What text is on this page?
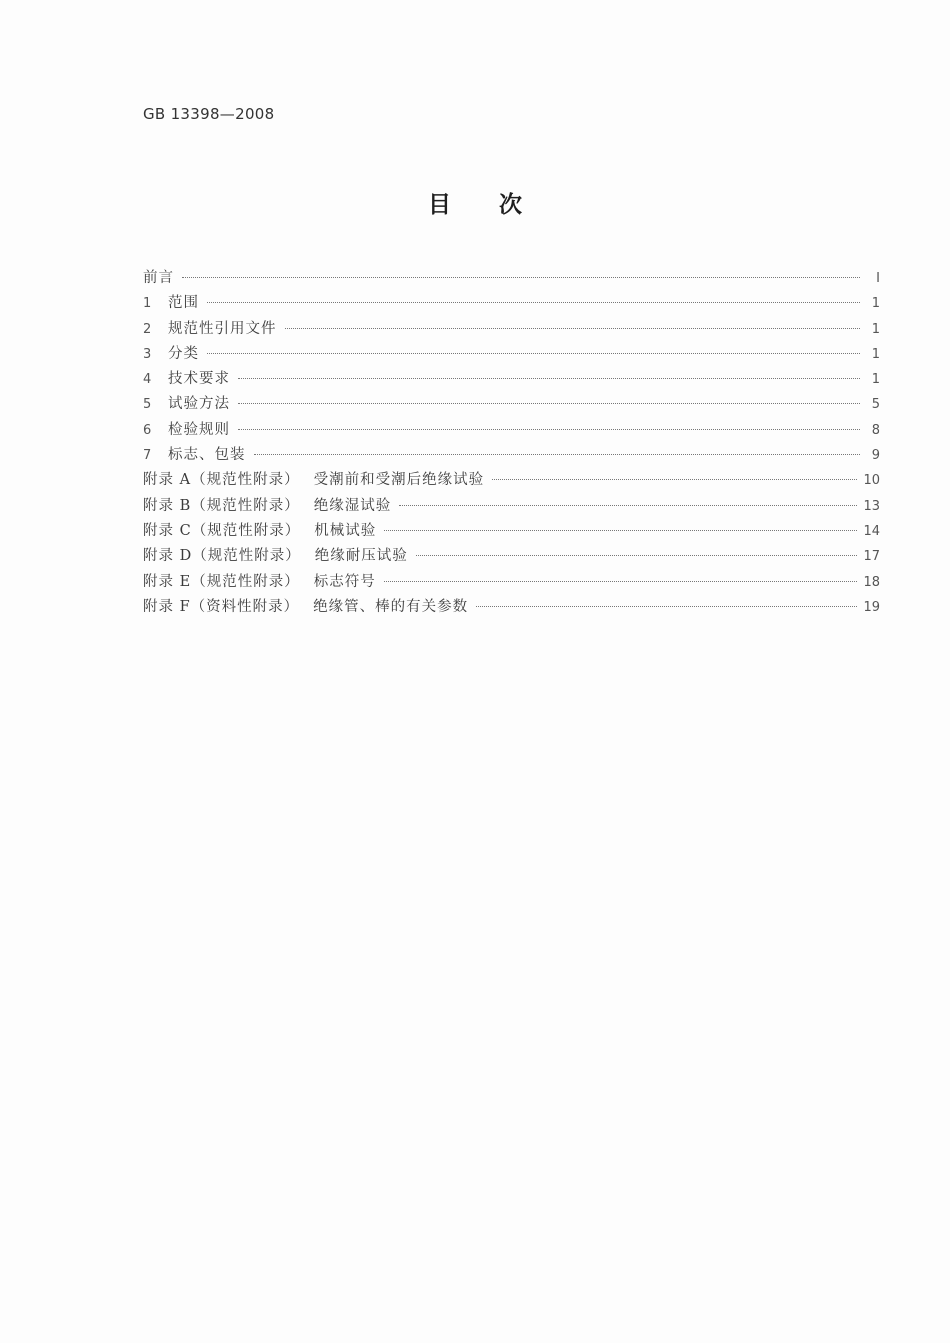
GB 13398—2008
目 次
前言	I
1	范围	1
2	规范性引用文件	1
3	分类	1
4	技术要求	1
5	试验方法	5
6	检验规则	8
7	标志、包装	9
附录 A（规范性附录） 受潮前和受潮后绝缘试验	10
附录 B（规范性附录） 绝缘湿试验	13
附录 C（规范性附录） 机械试验	14
附录 D（规范性附录） 绝缘耐压试验	17
附录 E（规范性附录） 标志符号	18
附录 F（资料性附录） 绝缘管、棒的有关参数	19
